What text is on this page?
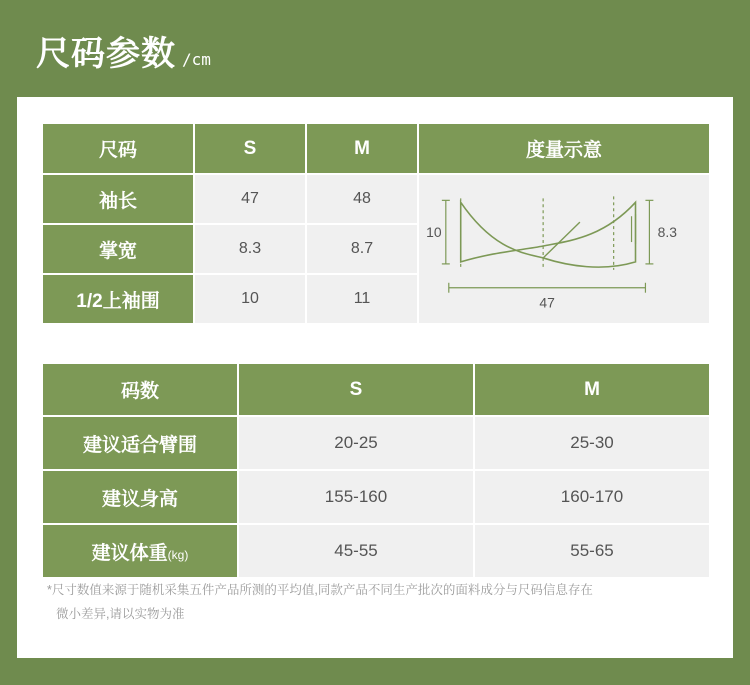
尺码参数 /cm
尺码	S	M	度量示意
袖长	47	48	10 8.3
47

掌宽	8.3	8.7	
1/2上袖围	10	11	
码数	S	M
建议适合臂围	20-25	25-30
建议身高	155-160	160-170
建议体重(kg)	45-55	55-65
*尺寸数值来源于随机采集五件产品所测的平均值,同款产品不同生产批次的面料成分与尺码信息存在
微小差异,请以实物为准
